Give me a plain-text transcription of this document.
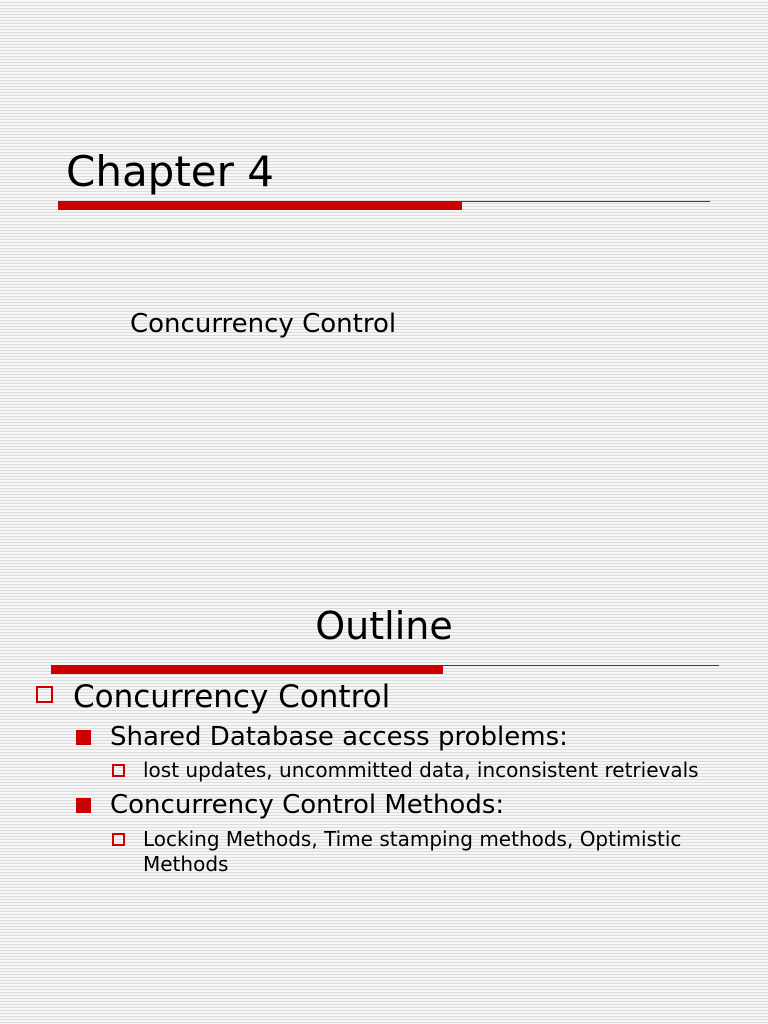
Chapter 4
Concurrency Control
Outline
Concurrency Control
Shared Database access problems:
lost updates, uncommitted data, inconsistent retrievals
Concurrency Control Methods:
Locking Methods, Time stamping methods, Optimistic Methods
